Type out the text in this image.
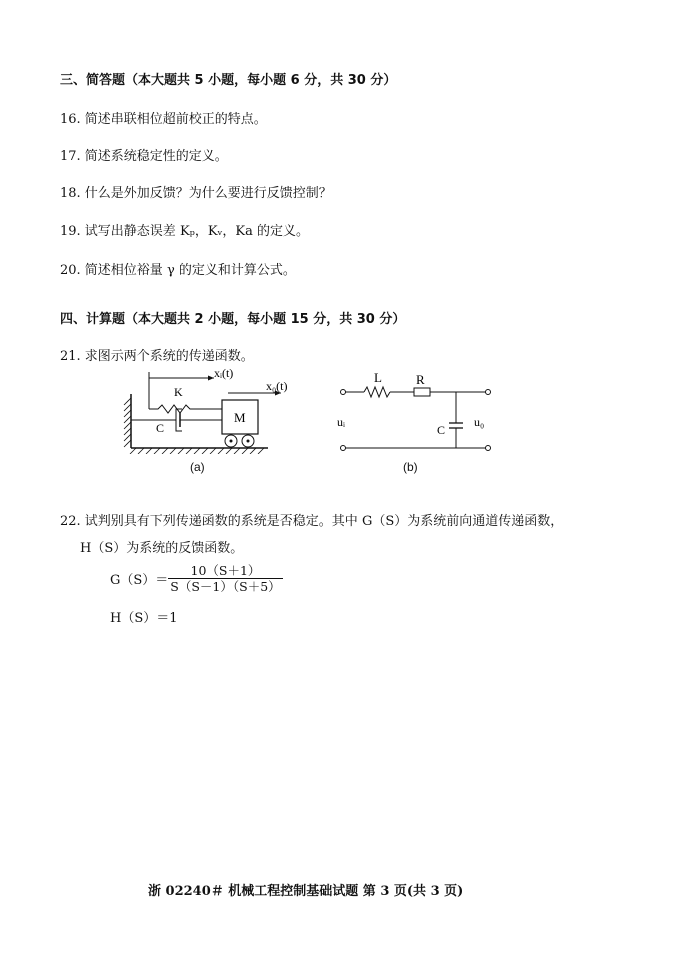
三、简答题（本大题共 5 小题，每小题 6 分，共 30 分）
16. 简述串联相位超前校正的特点。
17. 简述系统稳定性的定义。
18. 什么是外加反馈？为什么要进行反馈控制？
19. 试写出静态误差 Kₚ，Kᵥ，Ka 的定义。
20. 简述相位裕量 γ 的定义和计算公式。
四、计算题（本大题共 2 小题，每小题 15 分，共 30 分）
21. 求图示两个系统的传递函数。
xᵢ(t)
x₀(t)
K
C
M
(a)
L	R
C
uᵢ	u₀
(b)
22. 试判别具有下列传递函数的系统是否稳定。其中 G（S）为系统前向通道传递函数，
H（S）为系统的反馈函数。
$G(S)= \frac{10(S+1)}{S(S-1)(S+5)}$
H（S）＝1
浙 02240＃ 机械工程控制基础试题 第 3 页(共 3 页)
